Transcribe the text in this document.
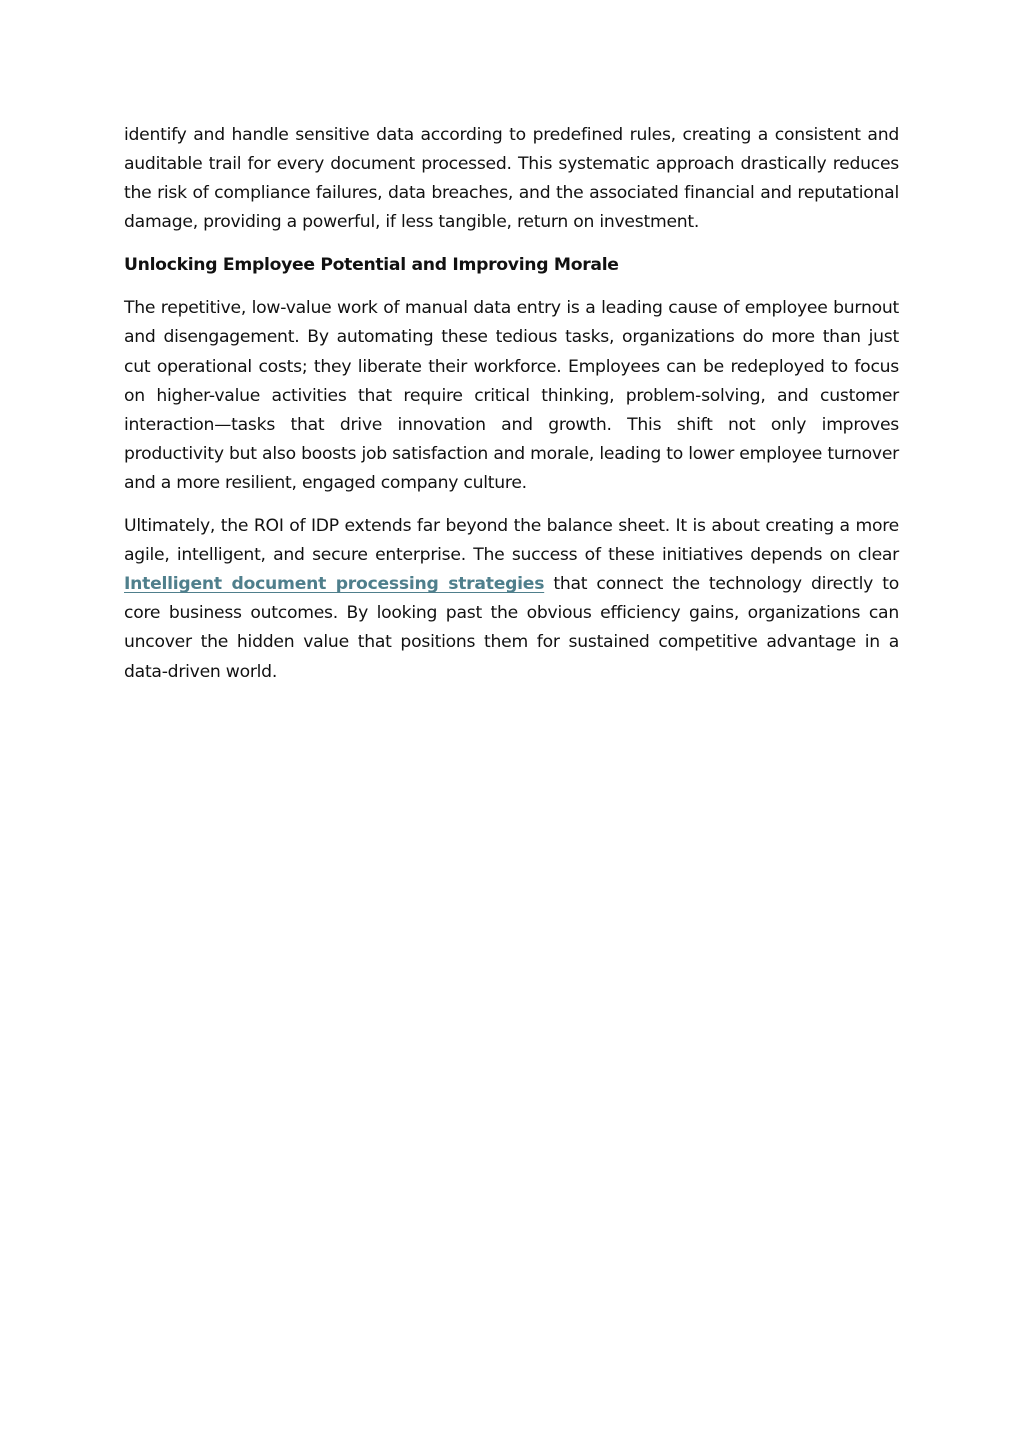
identify and handle sensitive data according to predefined rules, creating a consistent and auditable trail for every document processed. This systematic approach drastically reduces the risk of compliance failures, data breaches, and the associated financial and reputational damage, providing a powerful, if less tangible, return on investment.

Unlocking Employee Potential and Improving Morale

The repetitive, low-value work of manual data entry is a leading cause of employee burnout and disengagement. By automating these tedious tasks, organizations do more than just cut operational costs; they liberate their workforce. Employees can be redeployed to focus on higher-value activities that require critical thinking, problem-solving, and customer interaction—tasks that drive innovation and growth. This shift not only improves productivity but also boosts job satisfaction and morale, leading to lower employee turnover and a more resilient, engaged company culture.

Ultimately, the ROI of IDP extends far beyond the balance sheet. It is about creating a more agile, intelligent, and secure enterprise. The success of these initiatives depends on clear Intelligent document processing strategies that connect the technology directly to core business outcomes. By looking past the obvious efficiency gains, organizations can uncover the hidden value that positions them for sustained competitive advantage in a data-driven world.
